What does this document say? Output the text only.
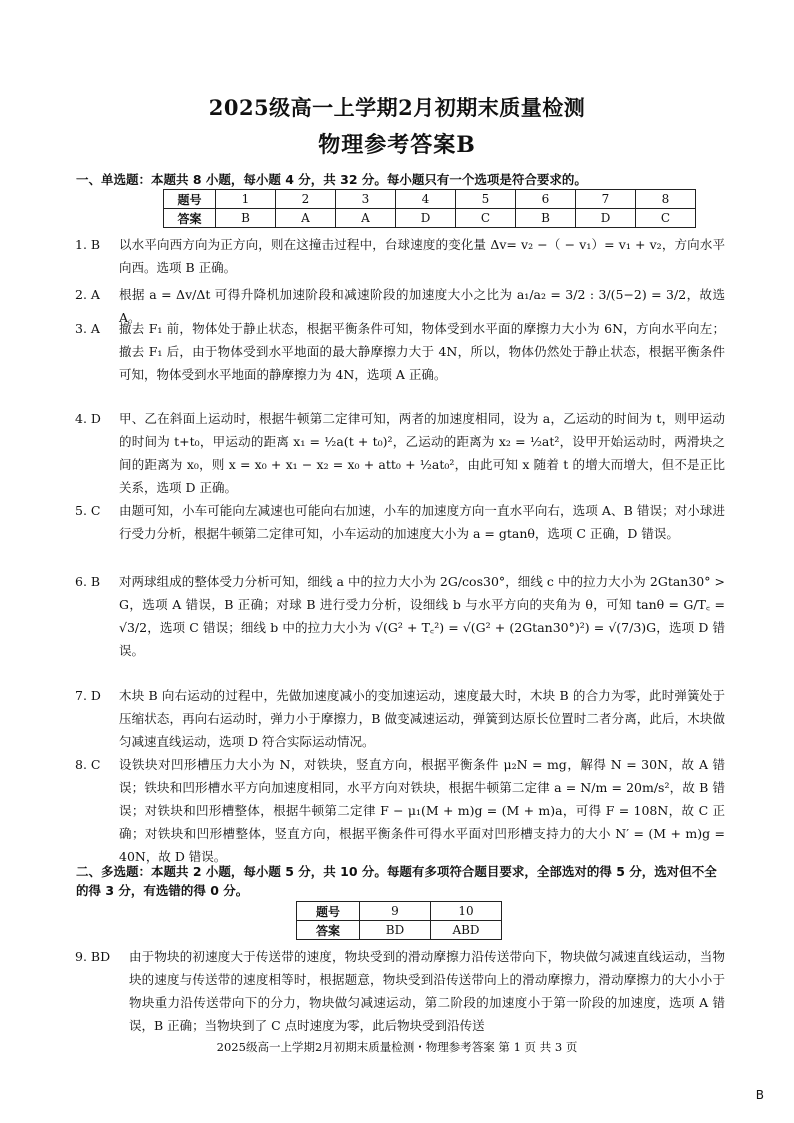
2025级高一上学期2月初期末质量检测
物理参考答案B
一、单选题：本题共 8 小题，每小题 4 分，共 32 分。每小题只有一个选项是符合要求的。
题号	1	2	3	4	5	6	7	8
答案	B	A	A	D	C	B	D	C
1. B 以水平向西方向为正方向，则在这撞击过程中，台球速度的变化量 Δv= v₂ −（ − v₁）= v₁ + v₂，方向水平向西。选项 B 正确。
2. A 根据 a = Δv/Δt 可得升降机加速阶段和减速阶段的加速度大小之比为 a₁/a₂ = 3/2 : 3/(5−2) = 3/2，故选 A。
3. A 撤去 F₁ 前，物体处于静止状态，根据平衡条件可知，物体受到水平面的摩擦力大小为 6N，方向水平向左；撤去 F₁ 后，由于物体受到水平地面的最大静摩擦力大于 4N，所以，物体仍然处于静止状态，根据平衡条件可知，物体受到水平地面的静摩擦力为 4N，选项 A 正确。
4. D 甲、乙在斜面上运动时，根据牛顿第二定律可知，两者的加速度相同，设为 a，乙运动的时间为 t，则甲运动的时间为 t+t₀，甲运动的距离 x₁ = ½a(t + t₀)²，乙运动的距离为 x₂ = ½at²，设甲开始运动时，两滑块之间的距离为 x₀，则 x = x₀ + x₁ − x₂ = x₀ + att₀ + ½at₀²，由此可知 x 随着 t 的增大而增大，但不是正比关系，选项 D 正确。
5. C 由题可知，小车可能向左减速也可能向右加速，小车的加速度方向一直水平向右，选项 A、B 错误；对小球进行受力分析，根据牛顿第二定律可知，小车运动的加速度大小为 a = gtanθ，选项 C 正确，D 错误。
6. B 对两球组成的整体受力分析可知，细线 a 中的拉力大小为 2G/cos30°，细线 c 中的拉力大小为 2Gtan30° > G，选项 A 错误，B 正确；对球 B 进行受力分析，设细线 b 与水平方向的夹角为 θ，可知 tanθ = G/T꜀ = √3/2，选项 C 错误；细线 b 中的拉力大小为 √(G² + T꜀²) = √(G² + (2Gtan30°)²) = √(7/3)G，选项 D 错误。
7. D 木块 B 向右运动的过程中，先做加速度减小的变加速运动，速度最大时，木块 B 的合力为零，此时弹簧处于压缩状态，再向右运动时，弹力小于摩擦力，B 做变减速运动，弹簧到达原长位置时二者分离，此后，木块做匀减速直线运动，选项 D 符合实际运动情况。
8. C 设铁块对凹形槽压力大小为 N，对铁块，竖直方向，根据平衡条件 μ₂N = mg，解得 N = 30N，故 A 错误；铁块和凹形槽水平方向加速度相同，水平方向对铁块，根据牛顿第二定律 a = N/m = 20m/s²，故 B 错误；对铁块和凹形槽整体，根据牛顿第二定律 F − μ₁(M + m)g = (M + m)a，可得 F = 108N，故 C 正确；对铁块和凹形槽整体，竖直方向，根据平衡条件可得水平面对凹形槽支持力的大小 N′ = (M + m)g = 40N，故 D 错误。
二、多选题：本题共 2 小题，每小题 5 分，共 10 分。每题有多项符合题目要求，全部选对的得 5 分，选对但不全的得 3 分，有选错的得 0 分。
题号	9	10
答案	BD	ABD
9. BD 由于物块的初速度大于传送带的速度，物块受到的滑动摩擦力沿传送带向下，物块做匀减速直线运动，当物块的速度与传送带的速度相等时，根据题意，物块受到沿传送带向上的滑动摩擦力，滑动摩擦力的大小小于物块重力沿传送带向下的分力，物块做匀减速运动，第二阶段的加速度小于第一阶段的加速度，选项 A 错误，B 正确；当物块到了 C 点时速度为零，此后物块受到沿传送
2025级高一上学期2月初期末质量检测・物理参考答案 第 1 页 共 3 页
B
